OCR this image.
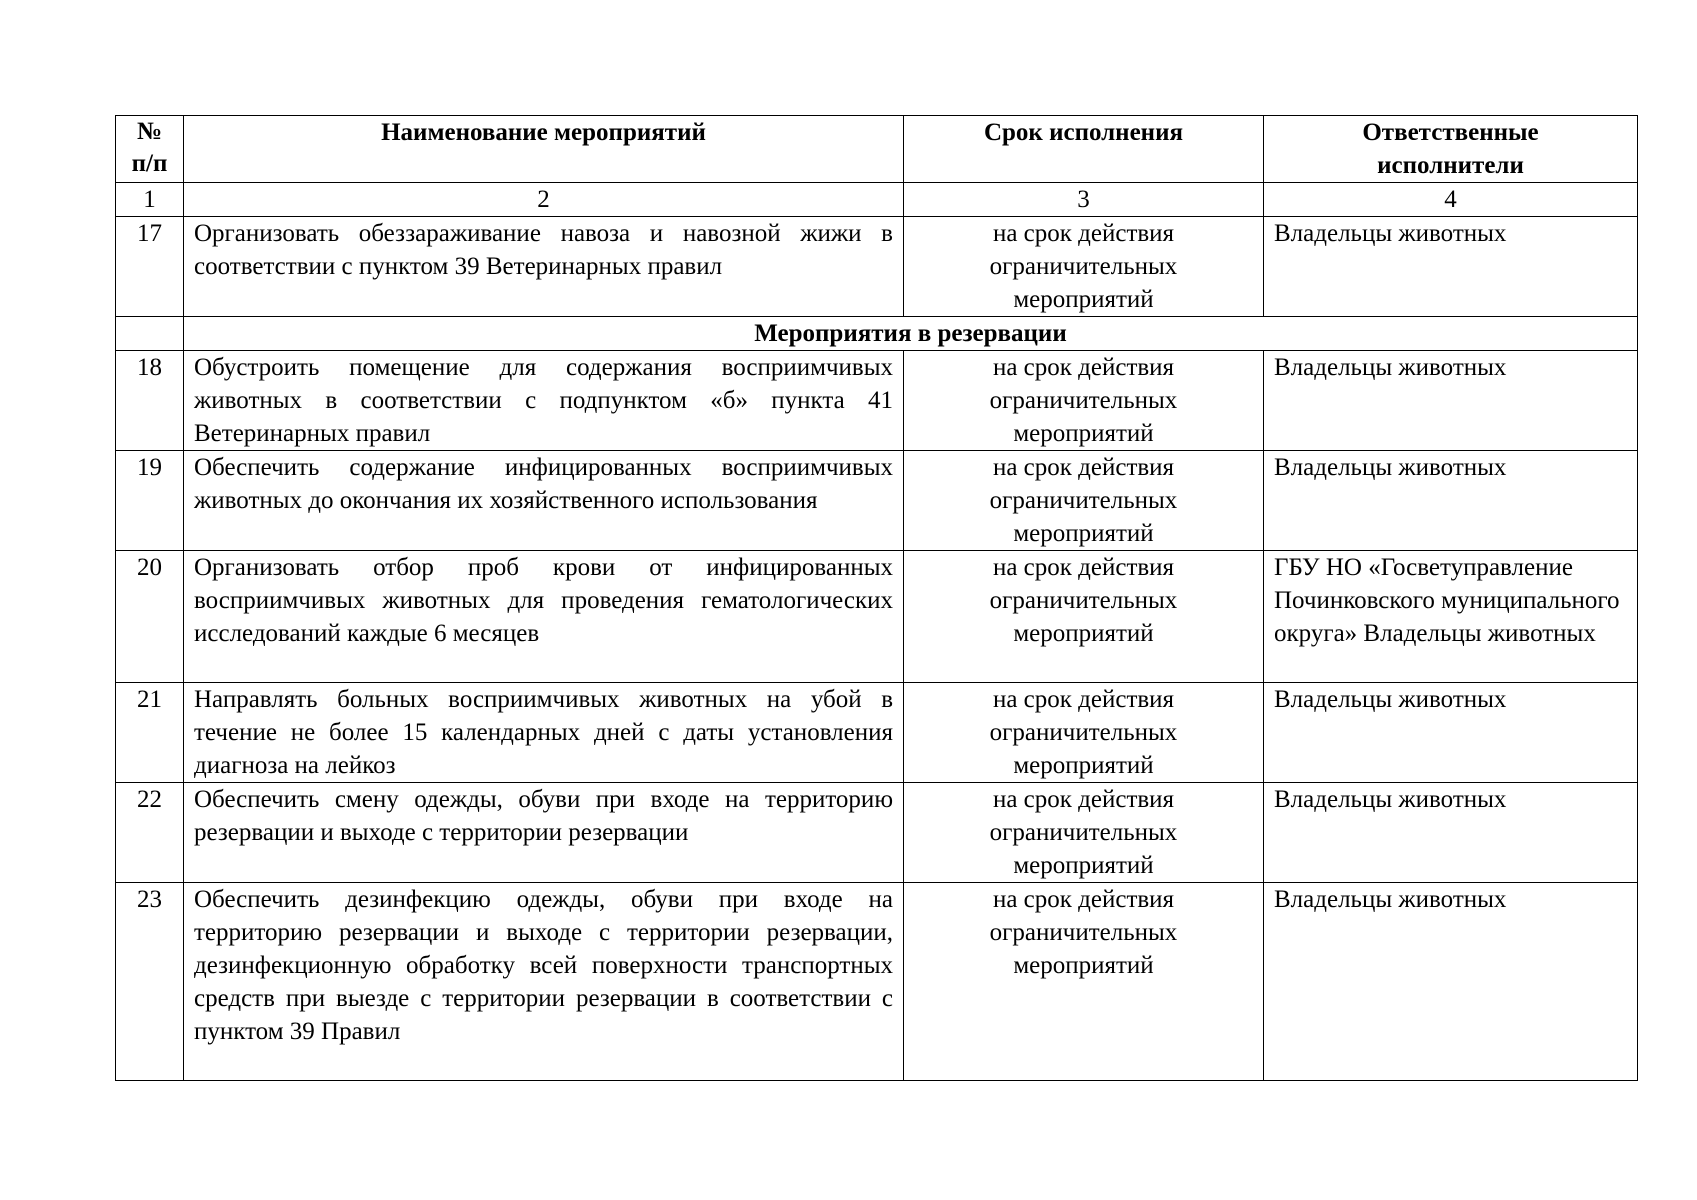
№ п/п	Наименование мероприятий	Срок исполнения	Ответственные исполнители
1	2	3	4
17	Организовать обеззараживание навоза и навозной жижи в соответствии с пунктом 39 Ветеринарных правил	на срок действия ограничительных мероприятий	Владельцы животных
	Мероприятия в резервации		
18	Обустроить помещение для содержания восприимчивых животных в соответствии с подпунктом «б» пункта 41 Ветеринарных правил	на срок действия ограничительных мероприятий	Владельцы животных
19	Обеспечить содержание инфицированных восприимчивых животных до окончания их хозяйственного использования	на срок действия ограничительных мероприятий	Владельцы животных
20	Организовать отбор проб крови от инфицированных восприимчивых животных для проведения гематологических исследований каждые 6 месяцев	на срок действия ограничительных мероприятий	ГБУ НО «Госветуправление Починковского муниципального округа» Владельцы животных
21	Направлять больных восприимчивых животных на убой в течение не более 15 календарных дней с даты установления диагноза на лейкоз	на срок действия ограничительных мероприятий	Владельцы животных
22	Обеспечить смену одежды, обуви при входе на территорию резервации и выходе с территории резервации	на срок действия ограничительных мероприятий	Владельцы животных
23	Обеспечить дезинфекцию одежды, обуви при входе на территорию резервации и выходе с территории резервации, дезинфекционную обработку всей поверхности транспортных средств при выезде с территории резервации в соответствии с пунктом 39 Правил	на срок действия ограничительных мероприятий	Владельцы животных
